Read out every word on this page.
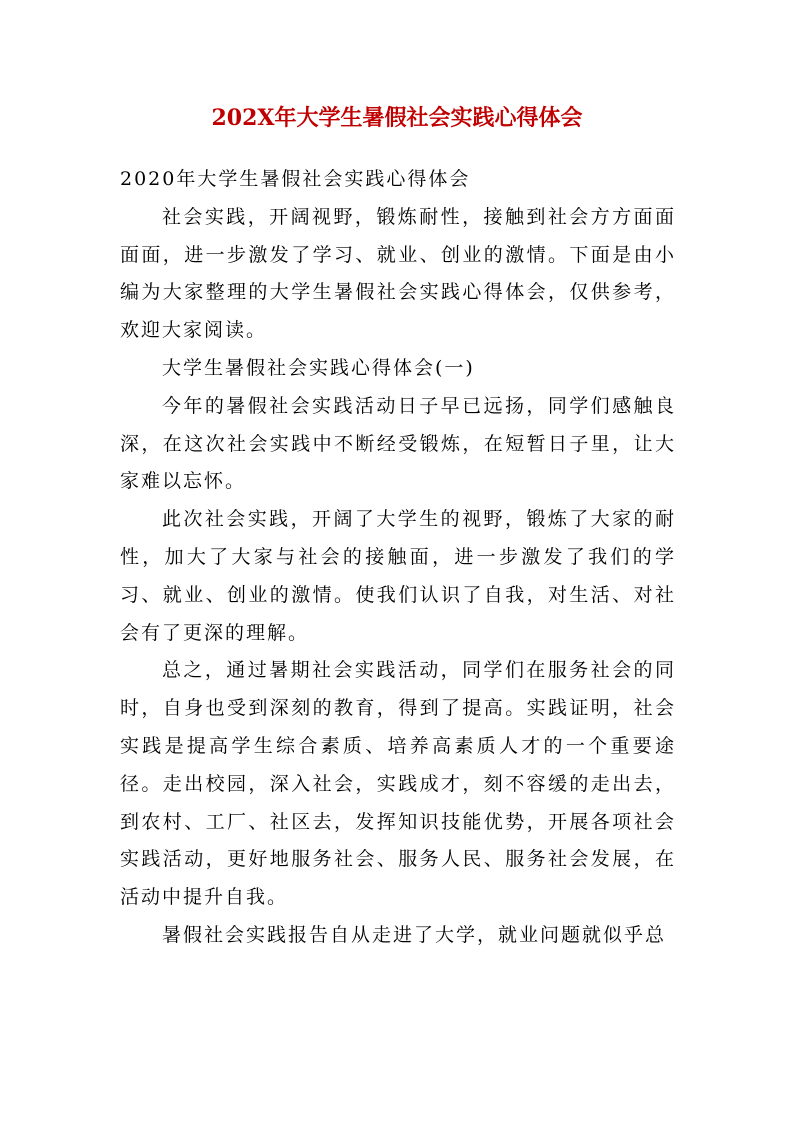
202X年大学生暑假社会实践心得体会

2020年大学生暑假社会实践心得体会

社会实践，开阔视野，锻炼耐性，接触到社会方方面面面面，进一步激发了学习、就业、创业的激情。下面是由小编为大家整理的大学生暑假社会实践心得体会，仅供参考，欢迎大家阅读。

大学生暑假社会实践心得体会(一)

今年的暑假社会实践活动日子早已远扬，同学们感触良深，在这次社会实践中不断经受锻炼，在短暂日子里，让大家难以忘怀。

此次社会实践，开阔了大学生的视野，锻炼了大家的耐性，加大了大家与社会的接触面，进一步激发了我们的学习、就业、创业的激情。使我们认识了自我，对生活、对社会有了更深的理解。

总之，通过暑期社会实践活动，同学们在服务社会的同时，自身也受到深刻的教育，得到了提高。实践证明，社会实践是提高学生综合素质、培养高素质人才的一个重要途径。走出校园，深入社会，实践成才，刻不容缓的走出去，到农村、工厂、社区去，发挥知识技能优势，开展各项社会实践活动，更好地服务社会、服务人民、服务社会发展，在活动中提升自我。

暑假社会实践报告自从走进了大学，就业问题就似乎总
